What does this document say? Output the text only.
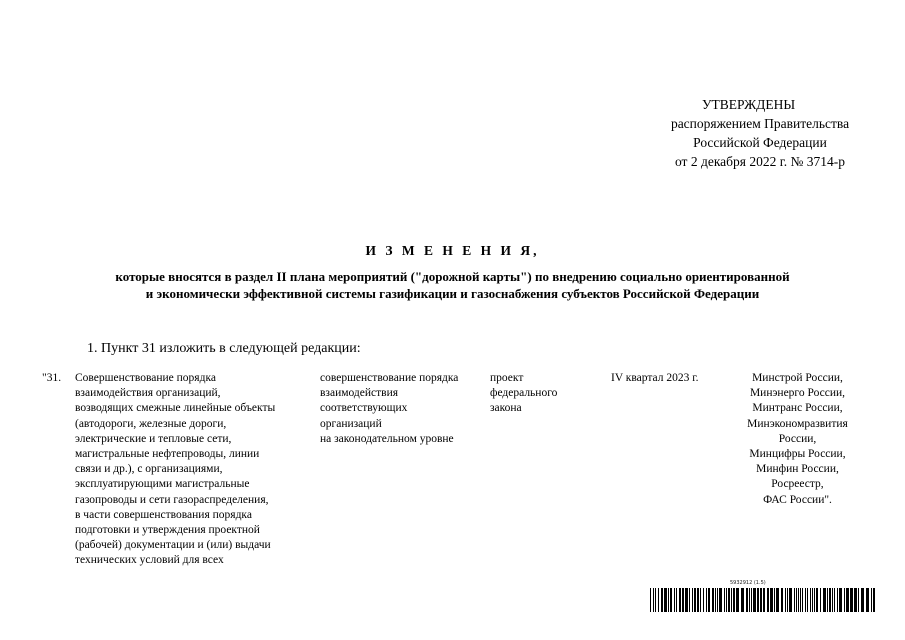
УТВЕРЖДЕНЫ
распоряжением Правительства
Российской Федерации
от 2 декабря 2022 г. № 3714-р
И З М Е Н Е Н И Я,
которые вносятся в раздел II плана мероприятий ("дорожной карты") по внедрению социально ориентированной
и экономически эффективной системы газификации и газоснабжения субъектов Российской Федерации
1. Пункт 31 изложить в следующей редакции:
"31.	Совершенствование порядка
взаимодействия организаций,
возводящих смежные линейные объекты
(автодороги, железные дороги,
электрические и тепловые сети,
магистральные нефтепроводы, линии
связи и др.), с организациями,
эксплуатирующими магистральные
газопроводы и сети газораспределения,
в части совершенствования порядка
подготовки и утверждения проектной
(рабочей) документации и (или) выдачи
технических условий для всех
совершенствование порядка
взаимодействия
соответствующих
организаций
на законодательном уровне
проект
федерального
закона
IV квартал 2023 г.	Минстрой России,
Минэнерго России,
Минтранс России,
Минэкономразвития
России,
Минцифры России,
Минфин России,
Росреестр,
ФАС России".
5932912 (1.5)
